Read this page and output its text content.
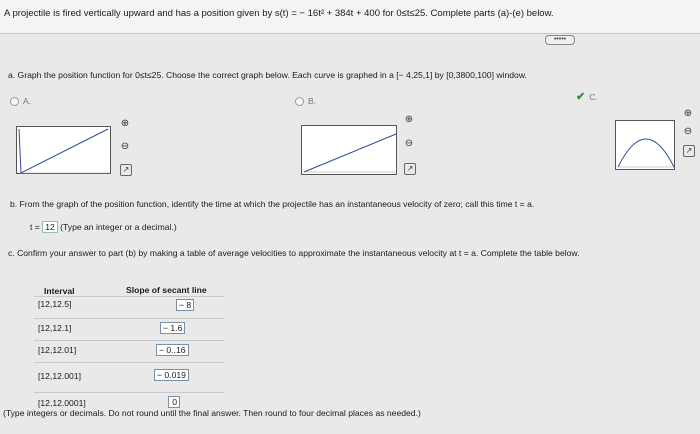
A projectile is fired vertically upward and has a position given by s(t) = − 16t² + 384t + 400 for 0≤t≤25. Complete parts (a)-(e) below.
•••••
a. Graph the position function for 0≤t≤25. Choose the correct graph below. Each curve is graphed in a [− 4,25,1] by [0,3800,100] window.
A.
⊕
⊖
↗
B.
⊕
⊖
↗
✔ C.
⊕
⊖
↗
b. From the graph of the position function, identify the time at which the projectile has an instantaneous velocity of zero; call this time t = a.
t = 12 (Type an integer or a decimal.)
c. Confirm your answer to part (b) by making a table of average velocities to approximate the instantaneous velocity at t = a. Complete the table below.
Interval	Slope of secant line
[12,12.5]	− 8
[12,12.1]	− 1.6
[12,12.01]	− 0..16
[12,12.001]	− 0.019
[12,12.0001]	0
(Type integers or decimals. Do not round until the final answer. Then round to four decimal places as needed.)
